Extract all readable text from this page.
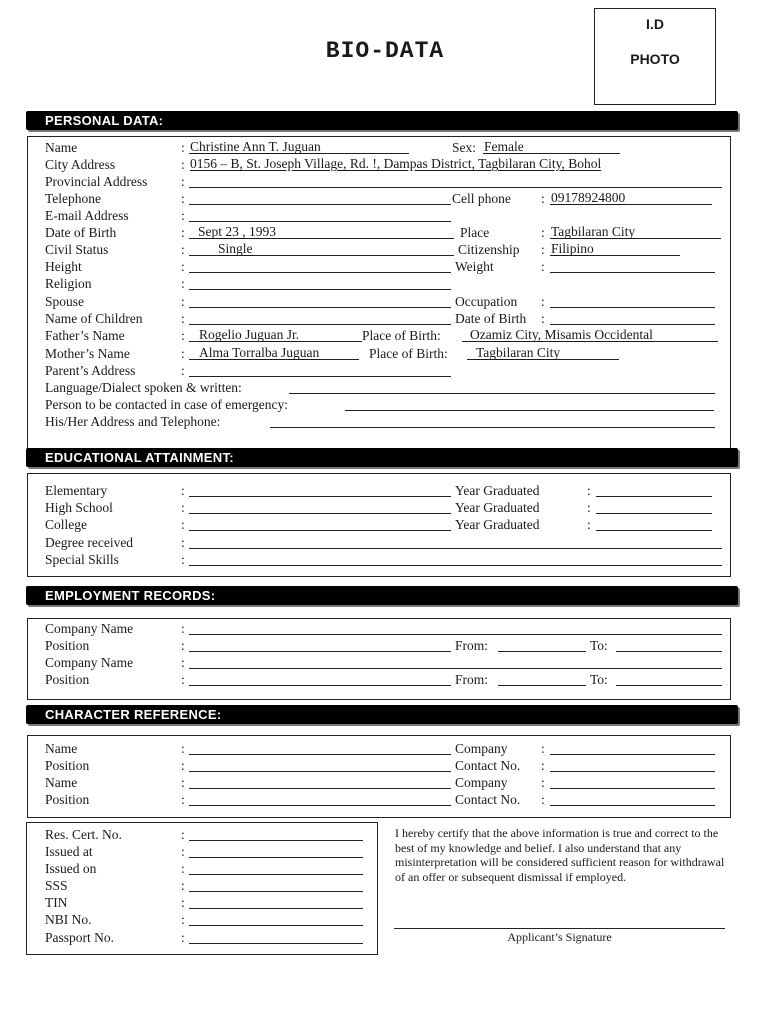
BIO-DATA
I.D
PHOTO
PERSONAL DATA:
Name	: Christine Ann T. Juguan	Sex: Female
City Address	: 0156 – B, St. Joseph Village, Rd. !, Dampas District, Tagbilaran City, Bohol
Provincial Address :
Telephone	:	Cell phone : 09178924800
E-mail Address	:
Date of Birth	: Sept 23 , 1993	Place	: Tagbilaran City
Civil Status	: Single	Citizenship : Filipino
Height	:	Weight	:
Religion	:
Spouse	:	Occupation :
Name of Children	:	Date of Birth :
Father’s Name	: Rogelio Juguan Jr.	Place of Birth: Ozamiz City, Misamis Occidental
Mother’s Name	: Alma Torralba Juguan	Place of Birth: Tagbilaran City
Parent’s Address	:
Language/Dialect spoken & written:
Person to be contacted in case of emergency:
His/Her Address and Telephone:
EDUCATIONAL ATTAINMENT:
Elementary	:	Year Graduated	:
High School	:	Year Graduated	:
College	:	Year Graduated	:
Degree received	:
Special Skills	:
EMPLOYMENT RECORDS:
Company Name	:
Position	:	From:	To:
Company Name	:
Position	:	From:	To:
CHARACTER REFERENCE:
Name	:	Company :
Position	:	Contact No. :
Name	:	Company :
Position	:	Contact No. :
Res. Cert. No.	:
Issued at	:
Issued on	:
SSS	:
TIN	:
NBI No.	:
Passport No.	:
I hereby certify that the above information is true and correct to the best of my knowledge and belief. I also understand that any misinterpretation will be considered sufficient reason for withdrawal of an offer or subsequent dismissal if employed.
Applicant’s Signature
